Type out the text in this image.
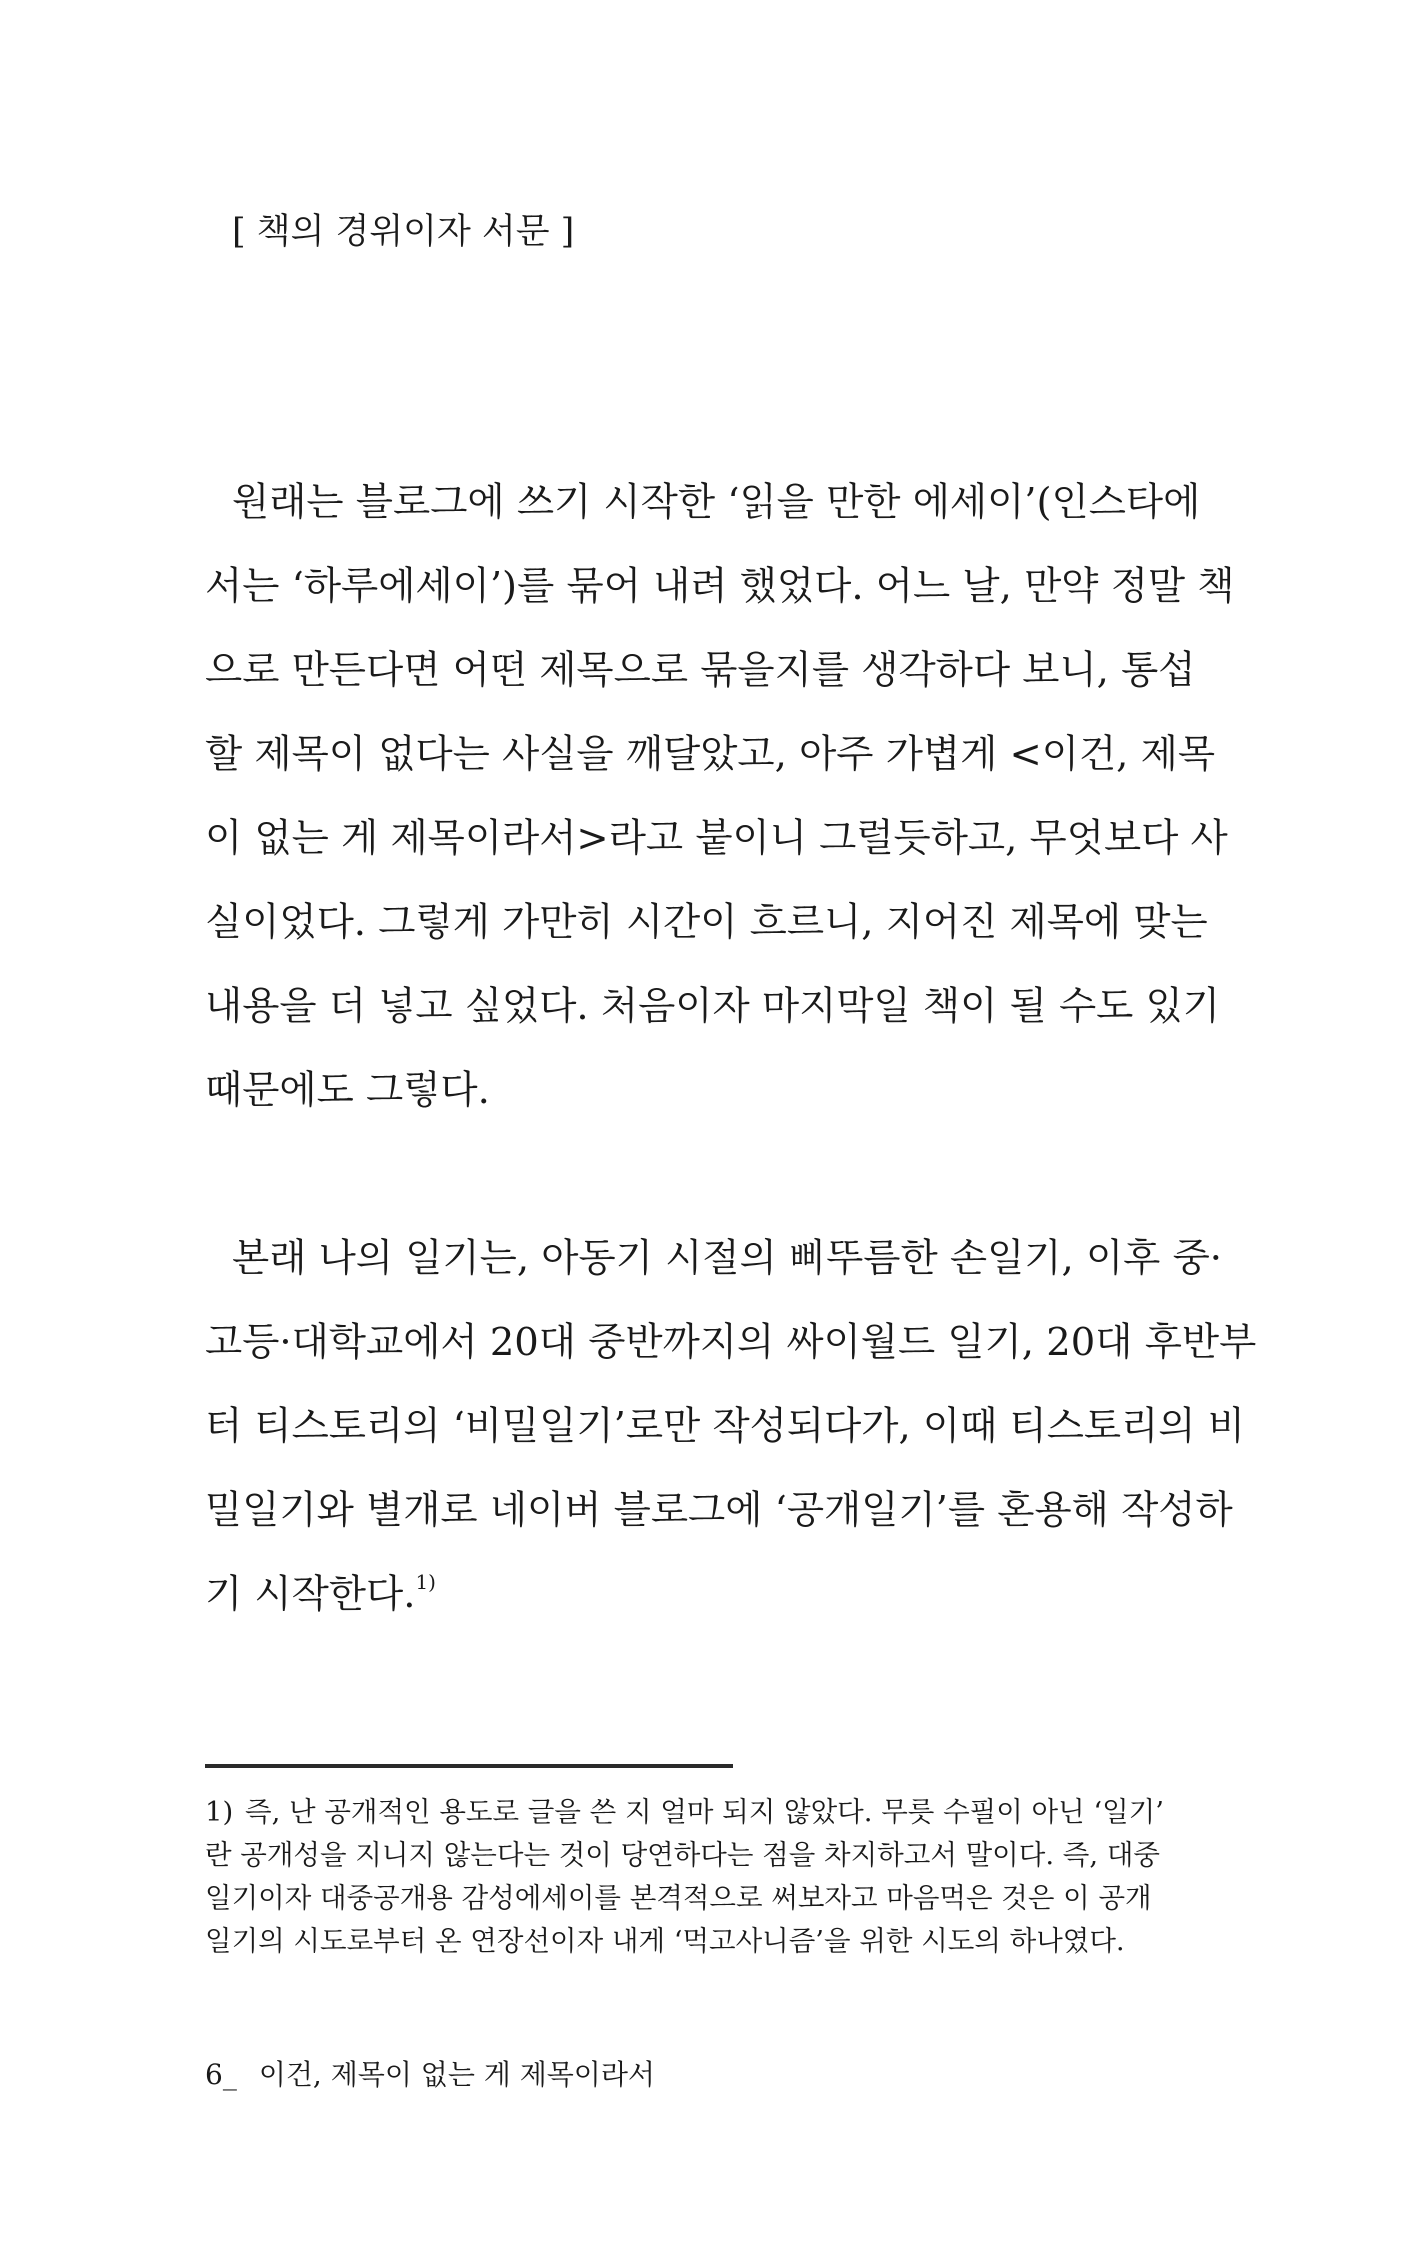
[ 책의 경위이자 서문 ]
원래는 블로그에 쓰기 시작한 ‘읽을 만한 에세이’(인스타에
서는 ‘하루에세이’)를 묶어 내려 했었다. 어느 날, 만약 정말 책
으로 만든다면 어떤 제목으로 묶을지를 생각하다 보니, 통섭
할 제목이 없다는 사실을 깨달았고, 아주 가볍게 <이건, 제목
이 없는 게 제목이라서>라고 붙이니 그럴듯하고, 무엇보다 사
실이었다. 그렇게 가만히 시간이 흐르니, 지어진 제목에 맞는
내용을 더 넣고 싶었다. 처음이자 마지막일 책이 될 수도 있기
때문에도 그렇다.
본래 나의 일기는, 아동기 시절의 삐뚜름한 손일기, 이후 중·
고등·대학교에서 20대 중반까지의 싸이월드 일기, 20대 후반부
터 티스토리의 ‘비밀일기’로만 작성되다가, 이때 티스토리의 비
밀일기와 별개로 네이버 블로그에 ‘공개일기’를 혼용해 작성하
기 시작한다.$^{1)}$
1) 즉, 난 공개적인 용도로 글을 쓴 지 얼마 되지 않았다. 무릇 수필이 아닌 ‘일기’
란 공개성을 지니지 않는다는 것이 당연하다는 점을 차지하고서 말이다. 즉, 대중
일기이자 대중공개용 감성에세이를 본격적으로 써보자고 마음먹은 것은 이 공개
일기의 시도로부터 온 연장선이자 내게 ‘먹고사니즘’을 위한 시도의 하나였다.
6_ 이건, 제목이 없는 게 제목이라서
